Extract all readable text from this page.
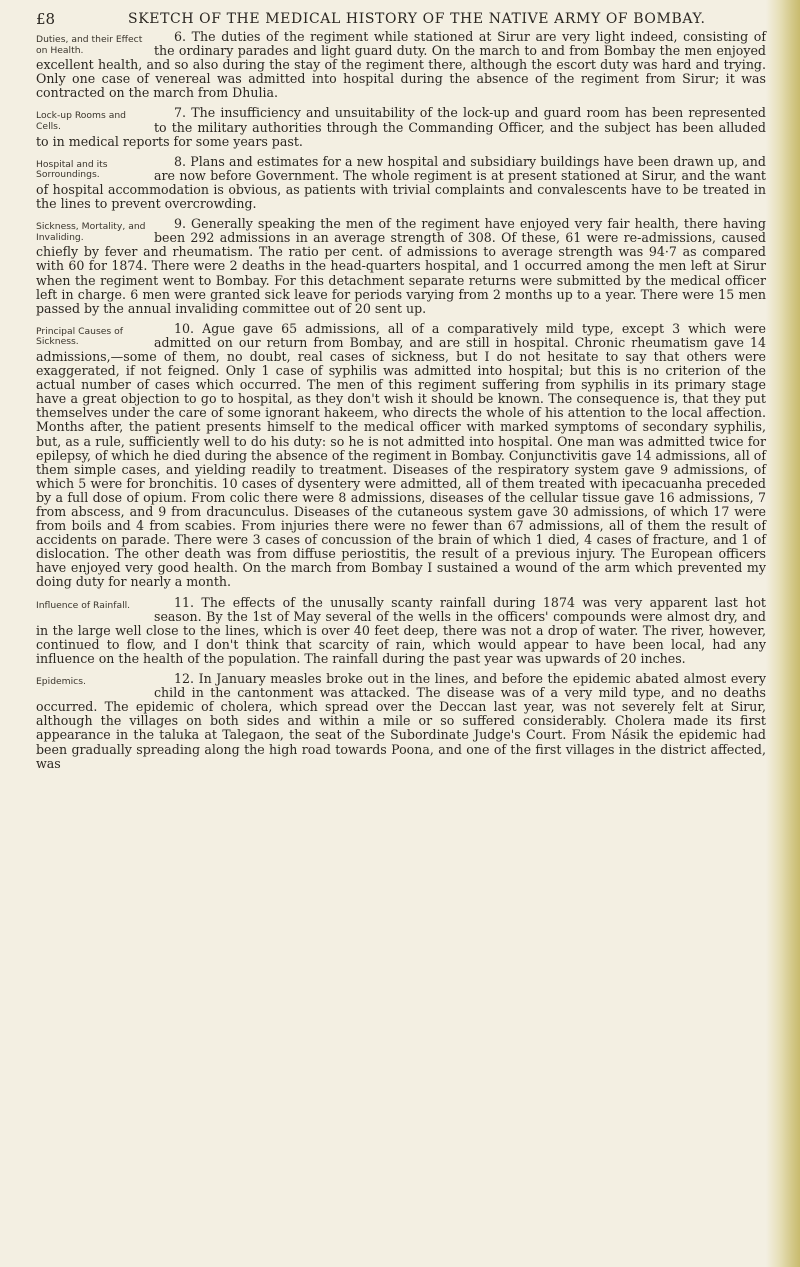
£8	SKETCH OF THE MEDICAL HISTORY OF THE NATIVE ARMY OF BOMBAY.
Duties, and their Effect on Health.
6. The duties of the regiment while stationed at Sirur are very light indeed, consisting of the ordinary parades and light guard duty. On the march to and from Bombay the men enjoyed excellent health, and so also during the stay of the regiment there, although the escort duty was hard and trying. Only one case of venereal was admitted into hospital during the absence of the regiment from Sirur; it was contracted on the march from Dhulia.
Lock-up Rooms and Cells.
7. The insufficiency and unsuitability of the lock-up and guard room has been represented to the military authorities through the Commanding Officer, and the subject has been alluded to in medical reports for some years past.
Hospital and its Sorroundings.
8. Plans and estimates for a new hospital and subsidiary buildings have been drawn up, and are now before Government. The whole regiment is at present stationed at Sirur, and the want of hospital accommodation is obvious, as patients with trivial complaints and convalescents have to be treated in the lines to prevent overcrowding.
Sickness, Mortality, and Invaliding.
9. Generally speaking the men of the regiment have enjoyed very fair health, there having been 292 admissions in an average strength of 308. Of these, 61 were re-admissions, caused chiefly by fever and rheumatism. The ratio per cent. of admissions to average strength was 94·7 as compared with 60 for 1874. There were 2 deaths in the head-quarters hospital, and 1 occurred among the men left at Sirur when the regiment went to Bombay. For this detachment separate returns were submitted by the medical officer left in charge. 6 men were granted sick leave for periods varying from 2 months up to a year. There were 15 men passed by the annual invaliding committee out of 20 sent up.
Principal Causes of Sickness.
10. Ague gave 65 admissions, all of a comparatively mild type, except 3 which were admitted on our return from Bombay, and are still in hospital. Chronic rheumatism gave 14 admissions,—some of them, no doubt, real cases of sickness, but I do not hesitate to say that others were exaggerated, if not feigned. Only 1 case of syphilis was admitted into hospital; but this is no criterion of the actual number of cases which occurred. The men of this regiment suffering from syphilis in its primary stage have a great objection to go to hospital, as they don't wish it should be known. The consequence is, that they put themselves under the care of some ignorant hakeem, who directs the whole of his attention to the local affection. Months after, the patient presents himself to the medical officer with marked symptoms of secondary syphilis, but, as a rule, sufficiently well to do his duty: so he is not admitted into hospital. One man was admitted twice for epilepsy, of which he died during the absence of the regiment in Bombay. Conjunctivitis gave 14 admissions, all of them simple cases, and yielding readily to treatment. Diseases of the respiratory system gave 9 admissions, of which 5 were for bronchitis. 10 cases of dysentery were admitted, all of them treated with ipecacuanha preceded by a full dose of opium. From colic there were 8 admissions, diseases of the cellular tissue gave 16 admissions, 7 from abscess, and 9 from dracunculus. Diseases of the cutaneous system gave 30 admissions, of which 17 were from boils and 4 from scabies. From injuries there were no fewer than 67 admissions, all of them the result of accidents on parade. There were 3 cases of concussion of the brain of which 1 died, 4 cases of fracture, and 1 of dislocation. The other death was from diffuse periostitis, the result of a previous injury. The European officers have enjoyed very good health. On the march from Bombay I sustained a wound of the arm which prevented my doing duty for nearly a month.
Influence of Rainfall.	11. The effects of the unusally scanty rainfall during 1874 was very apparent last hot season. By the 1st of May several of the wells in the officers' compounds were almost dry, and in the large well close to the lines, which is over 40 feet deep, there was not a drop of water. The river, however, continued to flow, and I don't think that scarcity of rain, which would appear to have been local, had any influence on the health of the population. The rainfall during the past year was upwards of 20 inches.
Epidemics.	12. In January measles broke out in the lines, and before the epidemic abated almost every child in the cantonment was attacked. The disease was of a very mild type, and no deaths occurred. The epidemic of cholera, which spread over the Deccan last year, was not severely felt at Sirur, although the villages on both sides and within a mile or so suffered considerably. Cholera made its first appearance in the taluka at Talegaon, the seat of the Subordinate Judge's Court. From Násik the epidemic had been gradually spreading along the high road towards Poona, and one of the first villages in the district affected, was
